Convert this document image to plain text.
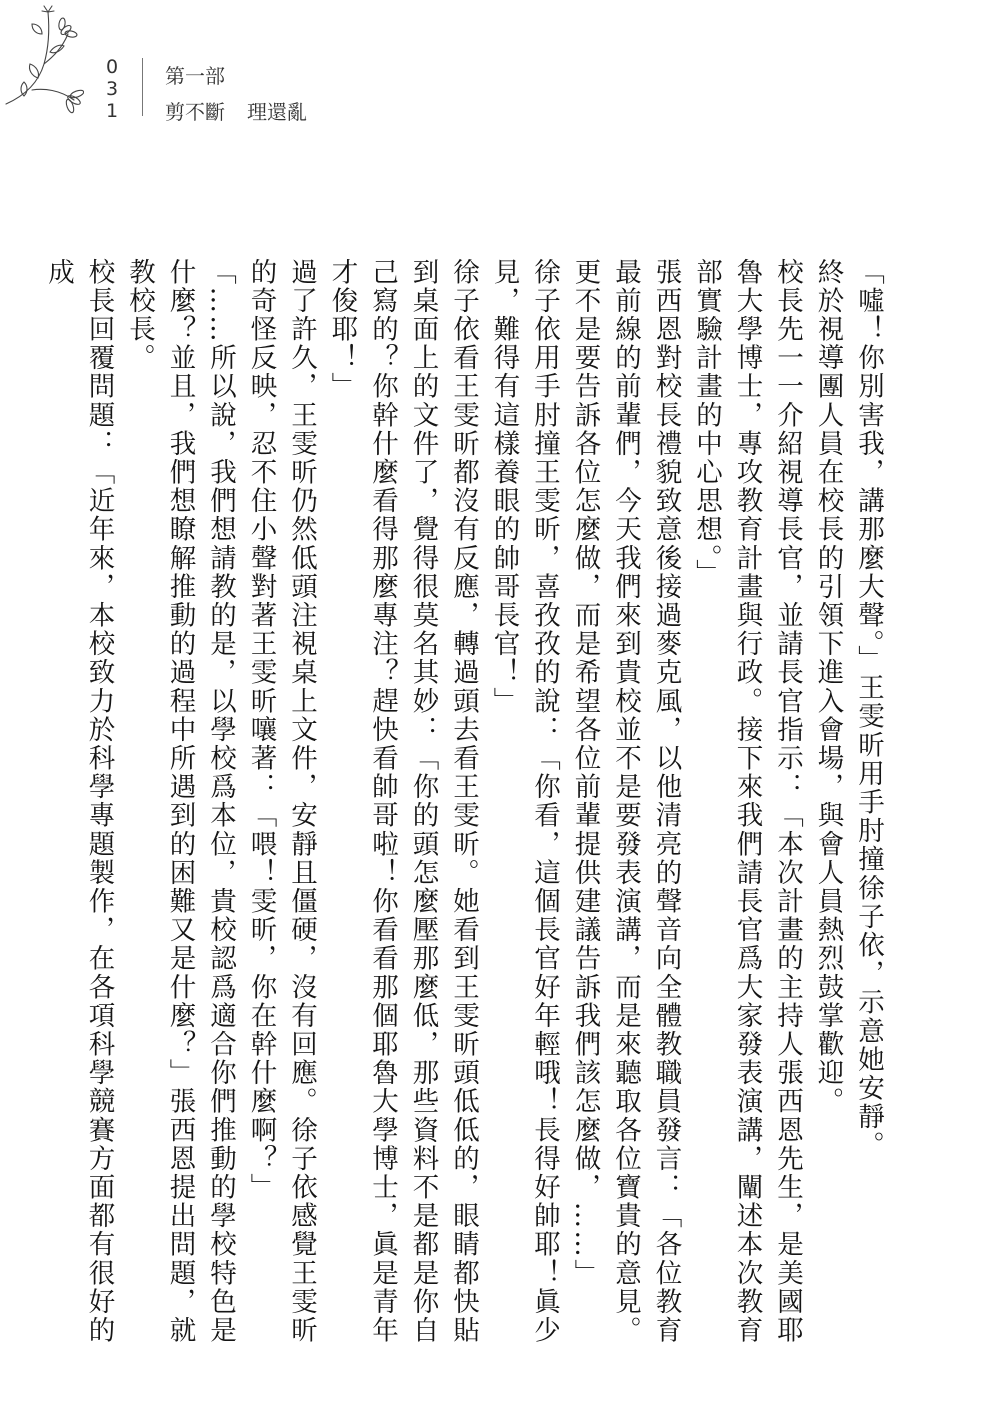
0
3
1
第一部
剪不斷 理還亂

「噓！你別害我，講那麼大聲。」王雯昕用手肘撞徐子依，示意她安靜。

終於視導團人員在校長的引領下進入會場，與會人員熱烈鼓掌歡迎。

校長先一一介紹視導長官，並請長官指示：「本次計畫的主持人張西恩先生，是美國耶魯大學博士，專攻教育計畫與行政。接下來我們請長官爲大家發表演講，闡述本次教育部實驗計畫的中心思想。」

張西恩對校長禮貌致意後接過麥克風，以他清亮的聲音向全體教職員發言：「各位教育最前線的前輩們，今天我們來到貴校並不是要發表演講，而是來聽取各位寶貴的意見。更不是要告訴各位怎麼做，而是希望各位前輩提供建議告訴我們該怎麼做，……」

徐子依用手肘撞王雯昕，喜孜孜的說：「你看，這個長官好年輕哦！長得好帥耶！眞少見，難得有這樣養眼的帥哥長官！」

徐子依看王雯昕都沒有反應，轉過頭去看王雯昕。她看到王雯昕頭低低的，眼睛都快貼到桌面上的文件了，覺得很莫名其妙：「你的頭怎麼壓那麼低，那些資料不是都是你自己寫的？你幹什麼看得那麼專注？趕快看帥哥啦！你看看那個耶魯大學博士，眞是青年才俊耶！」

過了許久，王雯昕仍然低頭注視桌上文件，安靜且僵硬，沒有回應。徐子依感覺王雯昕的奇怪反映，忍不住小聲對著王雯昕嚷著：「喂！雯昕，你在幹什麼啊？」

「……所以說，我們想請教的是，以學校爲本位，貴校認爲適合你們推動的學校特色是什麼？並且，我們想瞭解推動的過程中所遇到的困難又是什麼？」張西恩提出問題，就教校長。

校長回覆問題：「近年來，本校致力於科學專題製作，在各項科學競賽方面都有很好的成
